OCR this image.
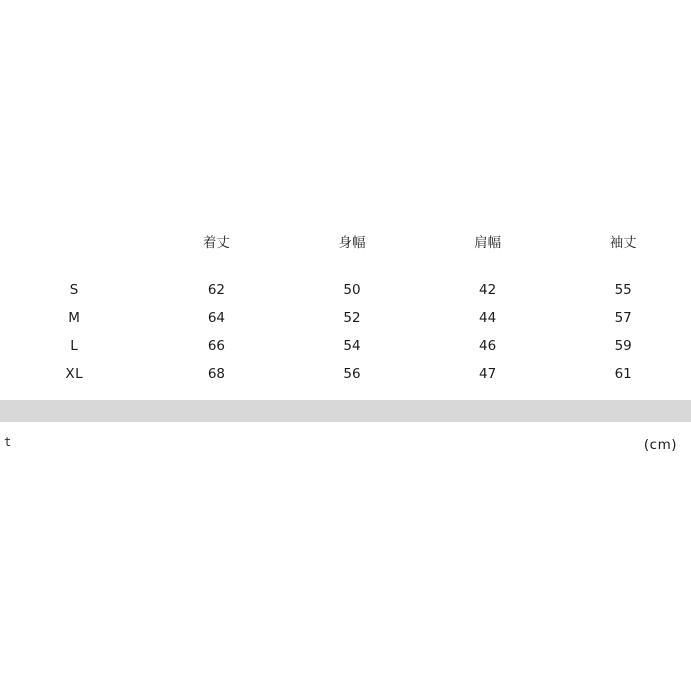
	着丈	身幅	肩幅	袖丈
S	62	50	42	55
M	64	52	44	57
L	66	54	46	59
XL	68	56	47	61
t	(cm)
